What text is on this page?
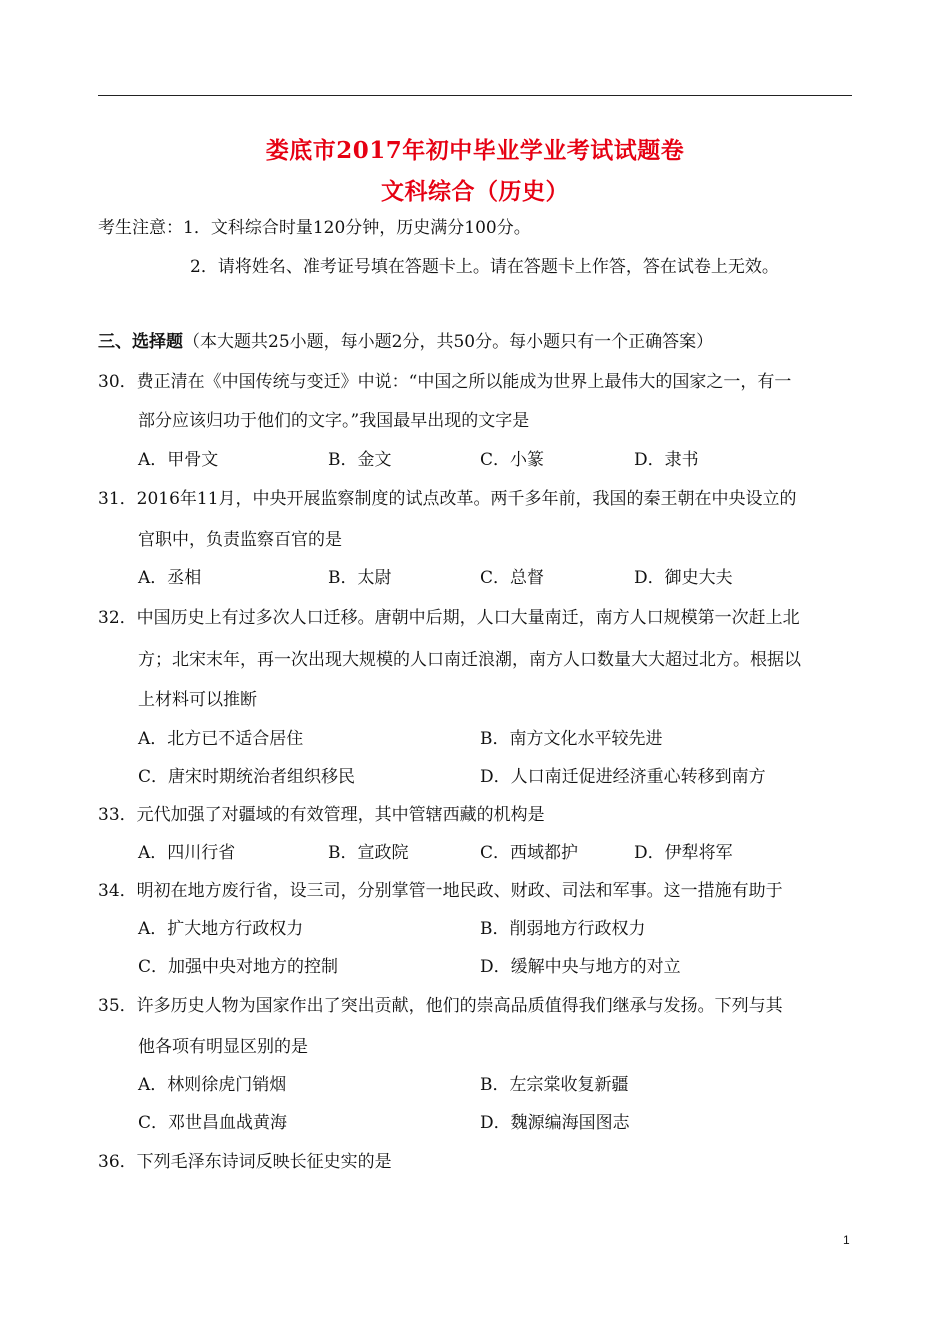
娄底市2017年初中毕业学业考试试题卷
文科综合（历史）
考生注意：1．文科综合时量120分钟，历史满分100分。
2．请将姓名、准考证号填在答题卡上。请在答题卡上作答，答在试卷上无效。
三、选择题（本大题共25小题，每小题2分，共50分。每小题只有一个正确答案）
30．费正清在《中国传统与变迁》中说：“中国之所以能成为世界上最伟大的国家之一，有一
部分应该归功于他们的文字。”我国最早出现的文字是
A．甲骨文	B．金文	C．小篆	D．隶书
31．2016年11月，中央开展监察制度的试点改革。两千多年前，我国的秦王朝在中央设立的
官职中，负责监察百官的是
A．丞相	B．太尉	C．总督	D．御史大夫
32．中国历史上有过多次人口迁移。唐朝中后期，人口大量南迁，南方人口规模第一次赶上北
方；北宋末年，再一次出现大规模的人口南迁浪潮，南方人口数量大大超过北方。根据以
上材料可以推断
A．北方已不适合居住	B．南方文化水平较先进
C．唐宋时期统治者组织移民	D．人口南迁促进经济重心转移到南方
33．元代加强了对疆域的有效管理，其中管辖西藏的机构是
A．四川行省	B．宣政院	C．西域都护	D．伊犁将军
34．明初在地方废行省，设三司，分别掌管一地民政、财政、司法和军事。这一措施有助于
A．扩大地方行政权力	B．削弱地方行政权力
C．加强中央对地方的控制	D．缓解中央与地方的对立
35．许多历史人物为国家作出了突出贡献，他们的崇高品质值得我们继承与发扬。下列与其
他各项有明显区别的是
A．林则徐虎门销烟	B．左宗棠收复新疆
C．邓世昌血战黄海	D．魏源编海国图志
36．下列毛泽东诗词反映长征史实的是
1
